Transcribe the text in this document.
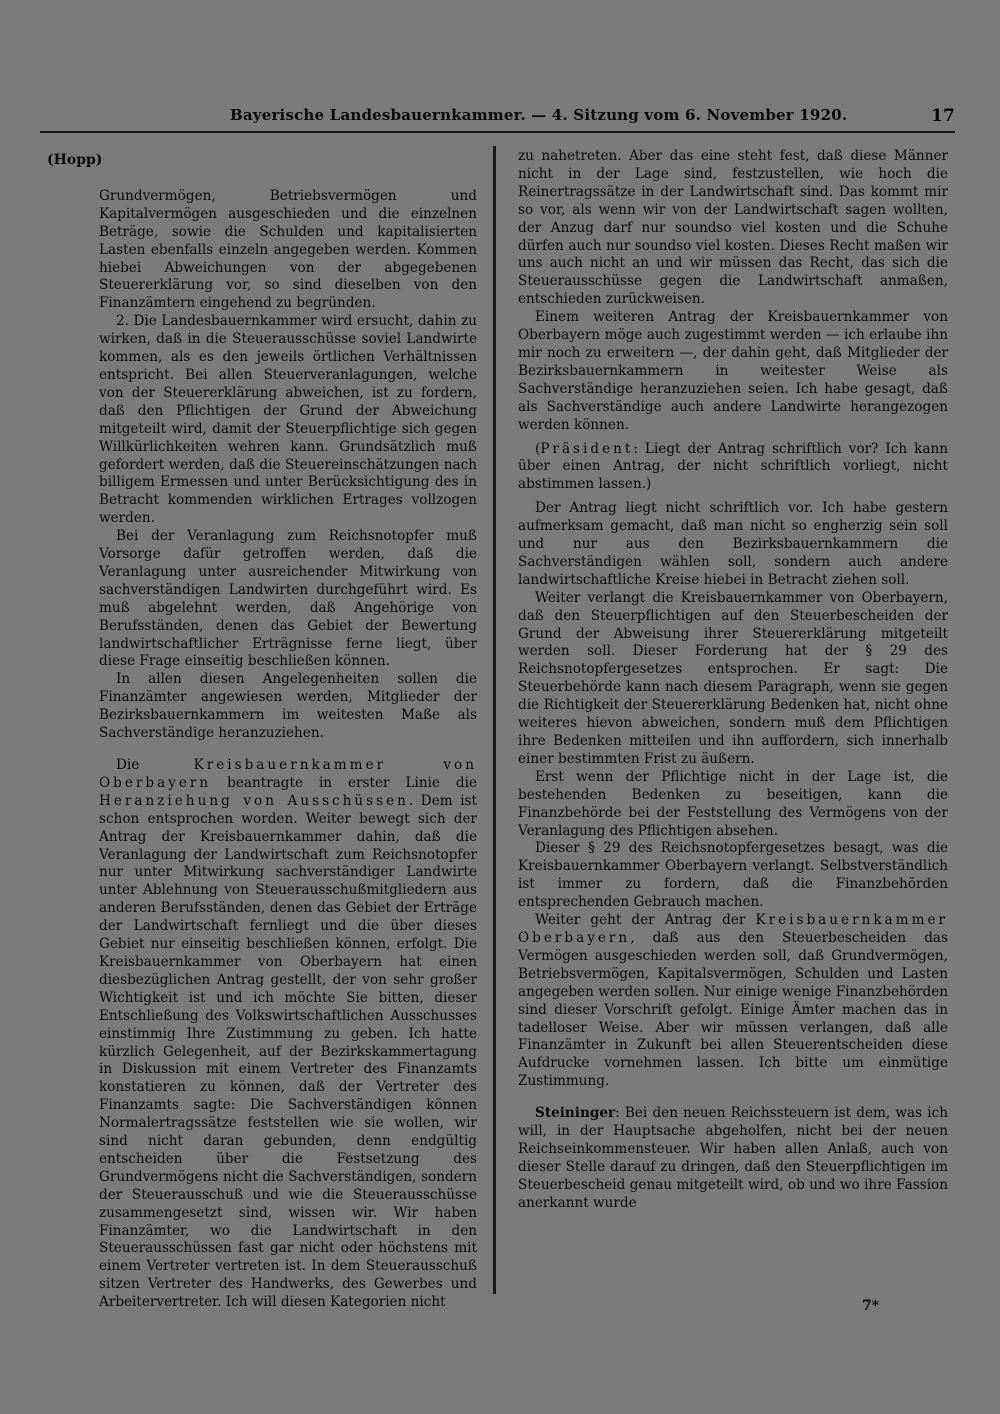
Bayerische Landesbauernkammer. — 4. Sitzung vom 6. November 1920.	17
(Hopp)

Grundvermögen, Betriebsvermögen und Kapitalvermögen ausgeschieden und die einzelnen Beträge, sowie die Schulden und kapitalisierten Lasten ebenfalls einzeln angegeben werden. Kommen hiebei Abweichungen von der abgegebenen Steuererklärung vor, so sind dieselben von den Finanzämtern eingehend zu begründen.

2. Die Landesbauernkammer wird ersucht, dahin zu wirken, daß in die Steuerausschüsse soviel Landwirte kommen, als es den jeweils örtlichen Verhältnissen entspricht. Bei allen Steuerveranlagungen, welche von der Steuererklärung abweichen, ist zu fordern, daß den Pflichtigen der Grund der Abweichung mitgeteilt wird, damit der Steuerpflichtige sich gegen Willkürlichkeiten wehren kann. Grundsätzlich muß gefordert werden, daß die Steuereinschätzungen nach billigem Ermessen und unter Berücksichtigung des in Betracht kommenden wirklichen Ertrages vollzogen werden.

Bei der Veranlagung zum Reichsnotopfer muß Vorsorge dafür getroffen werden, daß die Veranlagung unter ausreichender Mitwirkung von sachverständigen Landwirten durchgeführt wird. Es muß abgelehnt werden, daß Angehörige von Berufsständen, denen das Gebiet der Bewertung landwirtschaftlicher Erträgnisse ferne liegt, über diese Frage einseitig beschließen können.

In allen diesen Angelegenheiten sollen die Finanzämter angewiesen werden, Mitglieder der Bezirksbauernkammern im weitesten Maße als Sachverständige heranzuziehen.

Die Kreisbauernkammer von Oberbayern beantragte in erster Linie die Heranziehung von Ausschüssen. Dem ist schon entsprochen worden. Weiter bewegt sich der Antrag der Kreisbauernkammer dahin, daß die Veranlagung der Landwirtschaft zum Reichsnotopfer nur unter Mitwirkung sachverständiger Landwirte unter Ablehnung von Steuerausschußmitgliedern aus anderen Berufsständen, denen das Gebiet der Erträge der Landwirtschaft fernliegt und die über dieses Gebiet nur einseitig beschließen können, erfolgt. Die Kreisbauernkammer von Oberbayern hat einen diesbezüglichen Antrag gestellt, der von sehr großer Wichtigkeit ist und ich möchte Sie bitten, dieser Entschließung des Volkswirtschaftlichen Ausschusses einstimmig Ihre Zustimmung zu geben. Ich hatte kürzlich Gelegenheit, auf der Bezirkskammertagung in Diskussion mit einem Vertreter des Finanzamts konstatieren zu können, daß der Vertreter des Finanzamts sagte: Die Sachverständigen können Normalertragssätze feststellen wie sie wollen, wir sind nicht daran gebunden, denn endgültig entscheiden über die Festsetzung des Grundvermögens nicht die Sachverständigen, sondern der Steuerausschuß und wie die Steuerausschüsse zusammengesetzt sind, wissen wir. Wir haben Finanzämter, wo die Landwirtschaft in den Steuerausschüssen fast gar nicht oder höchstens mit einem Vertreter vertreten ist. In dem Steuerausschuß sitzen Vertreter des Handwerks, des Gewerbes und Arbeitervertreter. Ich will diesen Kategorien nicht

zu nahetreten. Aber das eine steht fest, daß diese Männer nicht in der Lage sind, festzustellen, wie hoch die Reinertragssätze in der Landwirtschaft sind. Das kommt mir so vor, als wenn wir von der Landwirtschaft sagen wollten, der Anzug darf nur soundso viel kosten und die Schuhe dürfen auch nur soundso viel kosten. Dieses Recht maßen wir uns auch nicht an und wir müssen das Recht, das sich die Steuerausschüsse gegen die Landwirtschaft anmaßen, entschieden zurückweisen.

Einem weiteren Antrag der Kreisbauernkammer von Oberbayern möge auch zugestimmt werden — ich erlaube ihn mir noch zu erweitern —, der dahin geht, daß Mitglieder der Bezirksbauernkammern in weitester Weise als Sachverständige heranzuziehen seien. Ich habe gesagt, daß als Sachverständige auch andere Landwirte herangezogen werden können.

(Präsident: Liegt der Antrag schriftlich vor? Ich kann über einen Antrag, der nicht schriftlich vorliegt, nicht abstimmen lassen.)

Der Antrag liegt nicht schriftlich vor. Ich habe gestern aufmerksam gemacht, daß man nicht so engherzig sein soll und nur aus den Bezirksbauernkammern die Sachverständigen wählen soll, sondern auch andere landwirtschaftliche Kreise hiebei in Betracht ziehen soll.

Weiter verlangt die Kreisbauernkammer von Oberbayern, daß den Steuerpflichtigen auf den Steuerbescheiden der Grund der Abweisung ihrer Steuererklärung mitgeteilt werden soll. Dieser Forderung hat der § 29 des Reichsnotopfergesetzes entsprochen. Er sagt: Die Steuerbehörde kann nach diesem Paragraph, wenn sie gegen die Richtigkeit der Steuererklärung Bedenken hat, nicht ohne weiteres hievon abweichen, sondern muß dem Pflichtigen ihre Bedenken mitteilen und ihn auffordern, sich innerhalb einer bestimmten Frist zu äußern.

Erst wenn der Pflichtige nicht in der Lage ist, die bestehenden Bedenken zu beseitigen, kann die Finanzbehörde bei der Feststellung des Vermögens von der Veranlagung des Pflichtigen absehen.

Dieser § 29 des Reichsnotopfergesetzes besagt, was die Kreisbauernkammer Oberbayern verlangt. Selbstverständlich ist immer zu fordern, daß die Finanzbehörden entsprechenden Gebrauch machen.

Weiter geht der Antrag der Kreisbauernkammer Oberbayern, daß aus den Steuerbescheiden das Vermögen ausgeschieden werden soll, daß Grundvermögen, Betriebsvermögen, Kapitalsvermögen, Schulden und Lasten angegeben werden sollen. Nur einige wenige Finanzbehörden sind dieser Vorschrift gefolgt. Einige Ämter machen das in tadelloser Weise. Aber wir müssen verlangen, daß alle Finanzämter in Zukunft bei allen Steuerentscheiden diese Aufdrucke vornehmen lassen. Ich bitte um einmütige Zustimmung.

Steininger: Bei den neuen Reichssteuern ist dem, was ich will, in der Hauptsache abgeholfen, nicht bei der neuen Reichseinkommensteuer. Wir haben allen Anlaß, auch von dieser Stelle darauf zu dringen, daß den Steuerpflichtigen im Steuerbescheid genau mitgeteilt wird, ob und wo ihre Fassion anerkannt wurde

7*
